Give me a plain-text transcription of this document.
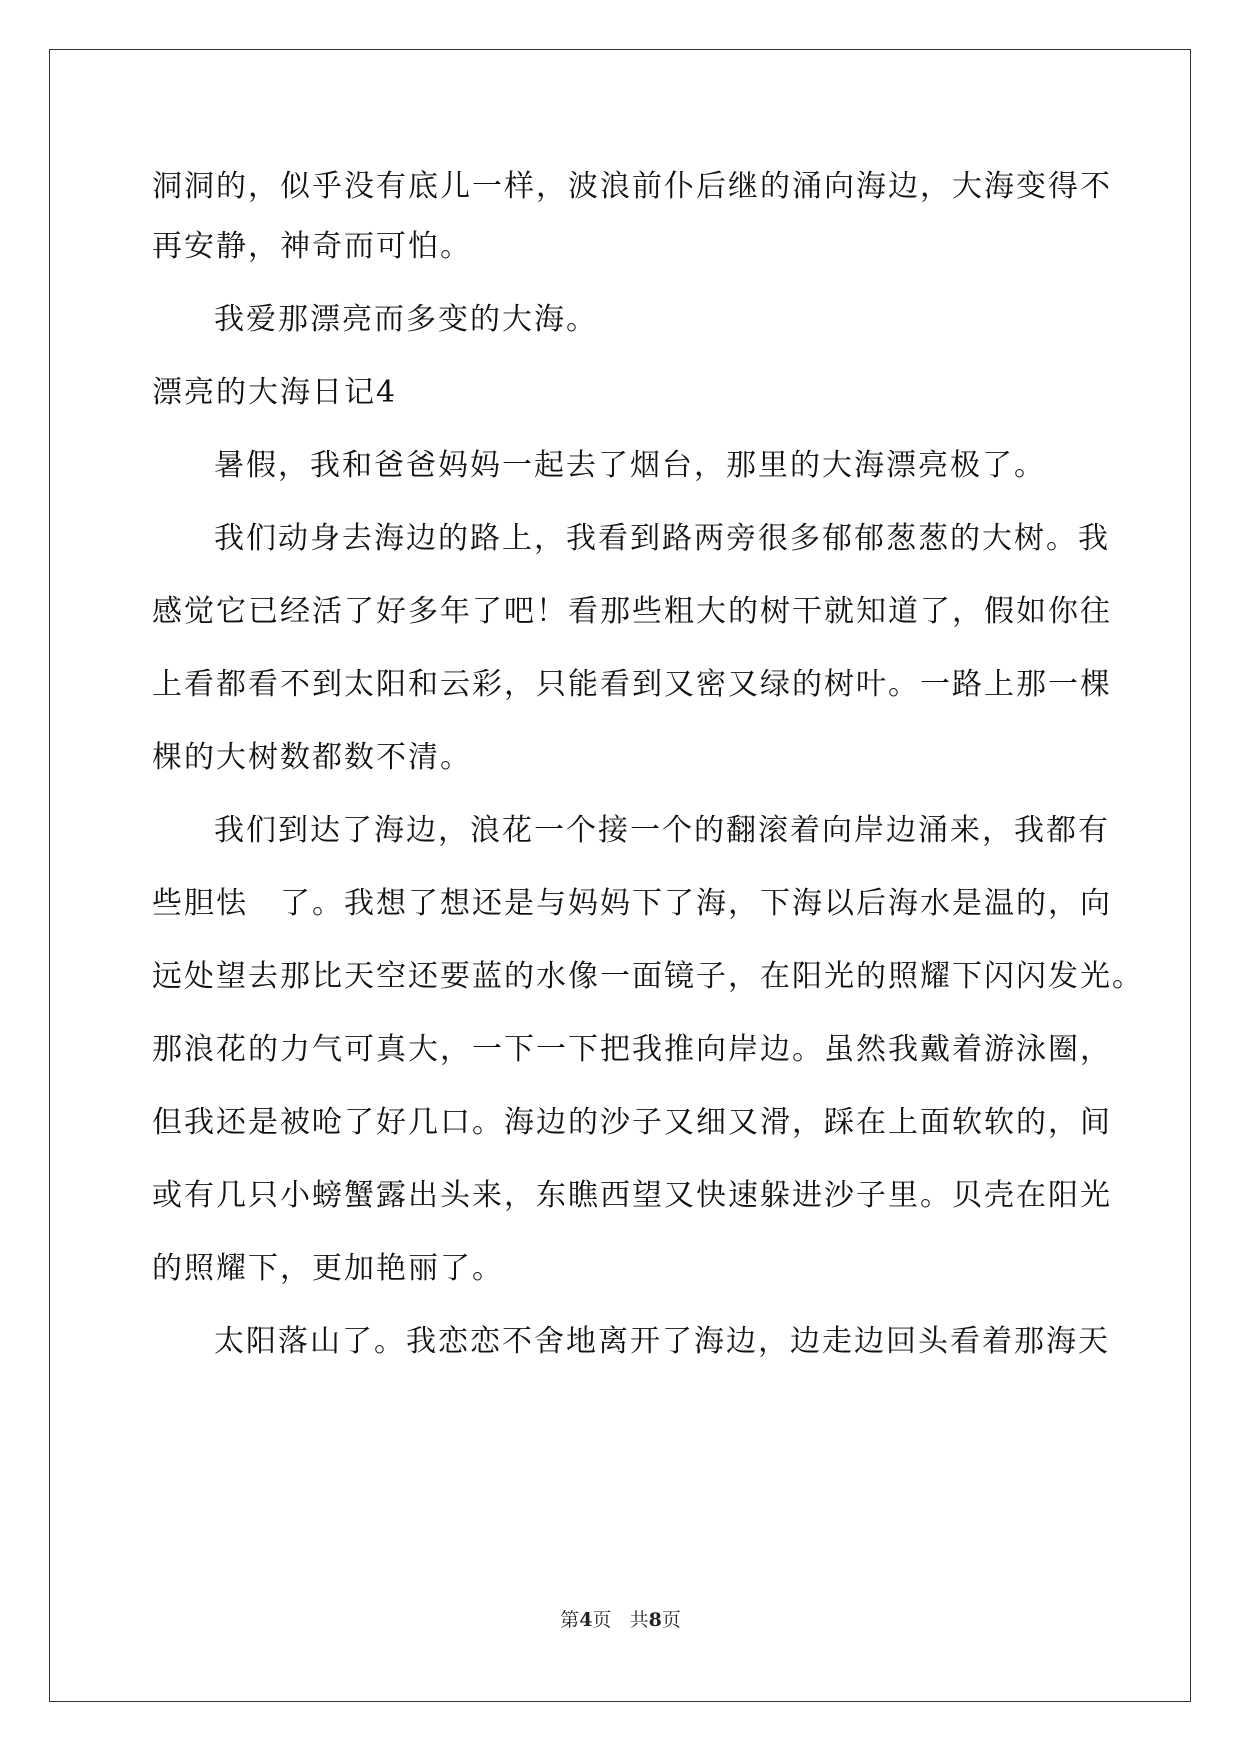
洞洞的，似乎没有底儿一样，波浪前仆后继的涌向海边，大海变得不
再安静，神奇而可怕。
我爱那漂亮而多变的大海。
漂亮的大海日记4
暑假，我和爸爸妈妈一起去了烟台，那里的大海漂亮极了。
我们动身去海边的路上，我看到路两旁很多郁郁葱葱的大树。我
感觉它已经活了好多年了吧！看那些粗大的树干就知道了，假如你往
上看都看不到太阳和云彩，只能看到又密又绿的树叶。一路上那一棵
棵的大树数都数不清。
我们到达了海边，浪花一个接一个的翻滚着向岸边涌来，我都有
些胆怯　了。我想了想还是与妈妈下了海，下海以后海水是温的，向
远处望去那比天空还要蓝的水像一面镜子，在阳光的照耀下闪闪发光。
那浪花的力气可真大，一下一下把我推向岸边。虽然我戴着游泳圈，
但我还是被呛了好几口。海边的沙子又细又滑，踩在上面软软的，间
或有几只小螃蟹露出头来，东瞧西望又快速躲进沙子里。贝壳在阳光
的照耀下，更加艳丽了。
太阳落山了。我恋恋不舍地离开了海边，边走边回头看着那海天
第4页 共8页
